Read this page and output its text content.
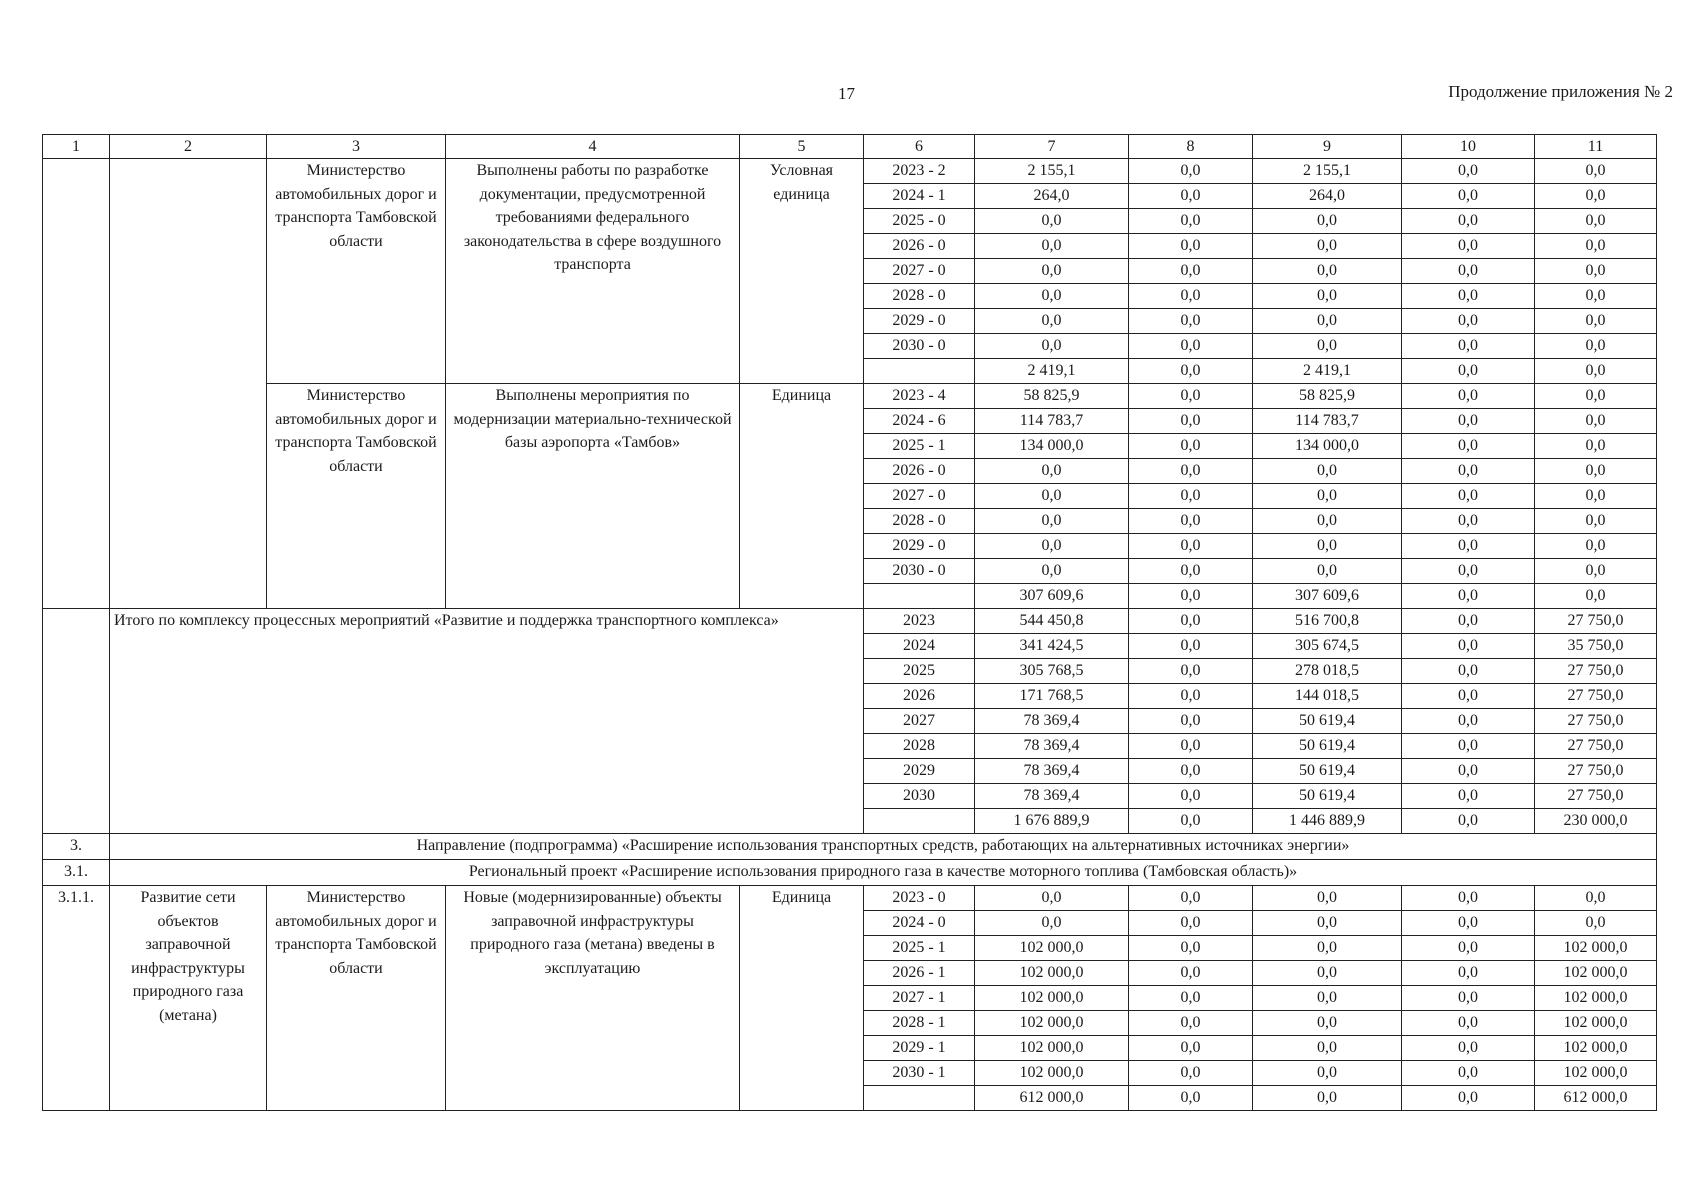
17	Продолжение приложения № 2
1	2	3	4	5	6	7	8	9	10	11
		Министерство автомобильных дорог и транспорта Тамбовской области	Выполнены работы по разработке документации, предусмотренной требованиями федерального законодательства в сфере воздушного транспорта	Условная единица	2023 - 2	2 155,1	0,0	2 155,1	0,0	0,0
					2024 - 1	264,0	0,0	264,0	0,0	0,0
					2025 - 0	0,0	0,0	0,0	0,0	0,0
					2026 - 0	0,0	0,0	0,0	0,0	0,0
					2027 - 0	0,0	0,0	0,0	0,0	0,0
					2028 - 0	0,0	0,0	0,0	0,0	0,0
					2029 - 0	0,0	0,0	0,0	0,0	0,0
					2030 - 0	0,0	0,0	0,0	0,0	0,0
						2 419,1	0,0	2 419,1	0,0	0,0
		Министерство автомобильных дорог и транспорта Тамбовской области	Выполнены мероприятия по модернизации материально-технической базы аэропорта «Тамбов»	Единица	2023 - 4	58 825,9	0,0	58 825,9	0,0	0,0
					2024 - 6	114 783,7	0,0	114 783,7	0,0	0,0
					2025 - 1	134 000,0	0,0	134 000,0	0,0	0,0
					2026 - 0	0,0	0,0	0,0	0,0	0,0
					2027 - 0	0,0	0,0	0,0	0,0	0,0
					2028 - 0	0,0	0,0	0,0	0,0	0,0
					2029 - 0	0,0	0,0	0,0	0,0	0,0
					2030 - 0	0,0	0,0	0,0	0,0	0,0
						307 609,6	0,0	307 609,6	0,0	0,0
	Итого по комплексу процессных мероприятий «Развитие и поддержка транспортного комплекса»				2023	544 450,8	0,0	516 700,8	0,0	27 750,0
					2024	341 424,5	0,0	305 674,5	0,0	35 750,0
					2025	305 768,5	0,0	278 018,5	0,0	27 750,0
					2026	171 768,5	0,0	144 018,5	0,0	27 750,0
					2027	78 369,4	0,0	50 619,4	0,0	27 750,0
					2028	78 369,4	0,0	50 619,4	0,0	27 750,0
					2029	78 369,4	0,0	50 619,4	0,0	27 750,0
					2030	78 369,4	0,0	50 619,4	0,0	27 750,0
						1 676 889,9	0,0	1 446 889,9	0,0	230 000,0
3.	Направление (подпрограмма) «Расширение использования транспортных средств, работающих на альтернативных источниках энергии»									
3.1.	Региональный проект «Расширение использования природного газа в качестве моторного топлива (Тамбовская область)»									
3.1.1.	Развитие сети объектов заправочной инфраструктуры природного газа (метана)	Министерство автомобильных дорог и транспорта Тамбовской области	Новые (модернизированные) объекты заправочной инфраструктуры природного газа (метана) введены в эксплуатацию	Единица	2023 - 0	0,0	0,0	0,0	0,0	0,0
					2024 - 0	0,0	0,0	0,0	0,0	0,0
					2025 - 1	102 000,0	0,0	0,0	0,0	102 000,0
					2026 - 1	102 000,0	0,0	0,0	0,0	102 000,0
					2027 - 1	102 000,0	0,0	0,0	0,0	102 000,0
					2028 - 1	102 000,0	0,0	0,0	0,0	102 000,0
					2029 - 1	102 000,0	0,0	0,0	0,0	102 000,0
					2030 - 1	102 000,0	0,0	0,0	0,0	102 000,0
						612 000,0	0,0	0,0	0,0	612 000,0
